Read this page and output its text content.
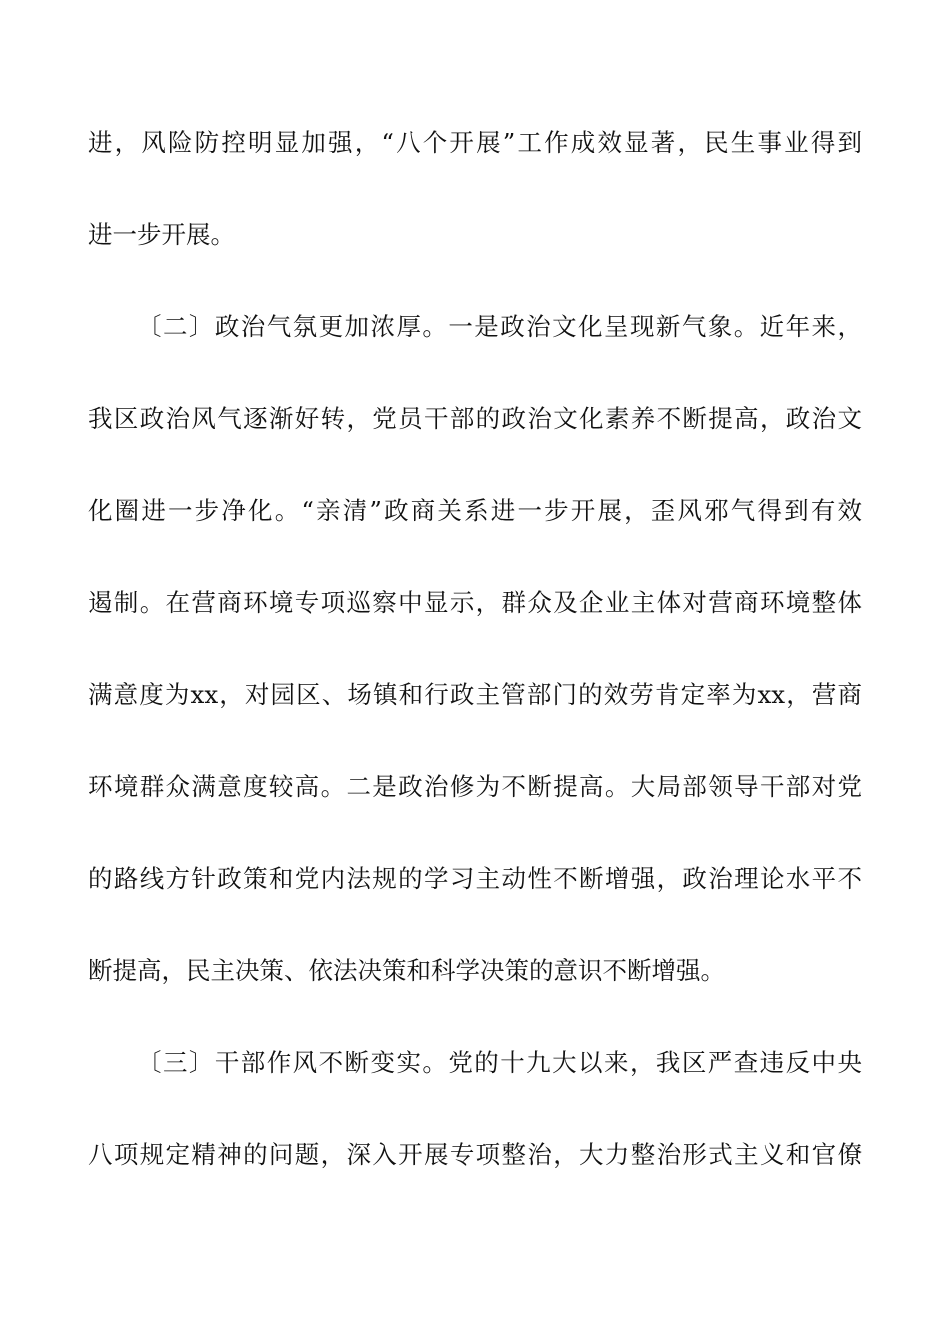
进，风险防控明显加强，“八个开展”工作成效显著，民生事业得到
进一步开展。
〔二〕政治气氛更加浓厚。一是政治文化呈现新气象。近年来，
我区政治风气逐渐好转，党员干部的政治文化素养不断提高，政治文
化圈进一步净化。“亲清”政商关系进一步开展，歪风邪气得到有效
遏制。在营商环境专项巡察中显示，群众及企业主体对营商环境整体
满意度为xx，对园区、场镇和行政主管部门的效劳肯定率为xx，营商
环境群众满意度较高。二是政治修为不断提高。大局部领导干部对党
的路线方针政策和党内法规的学习主动性不断增强，政治理论水平不
断提高，民主决策、依法决策和科学决策的意识不断增强。
〔三〕干部作风不断变实。党的十九大以来，我区严查违反中央
八项规定精神的问题，深入开展专项整治，大力整治形式主义和官僚
